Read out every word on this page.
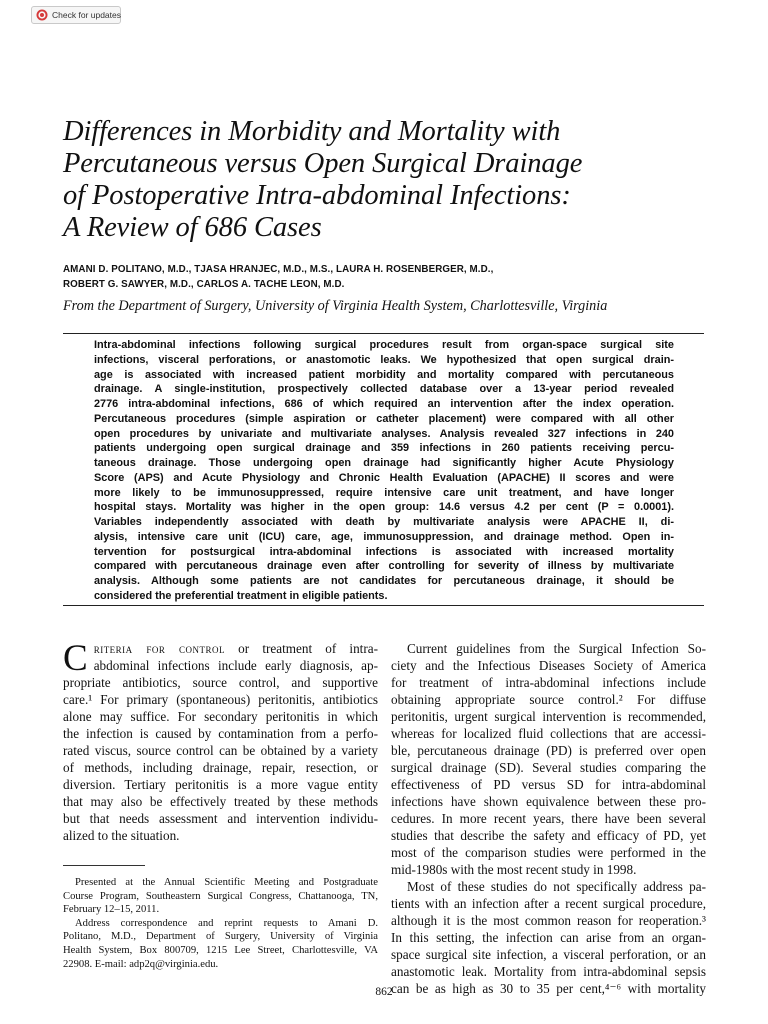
Check for updates
Differences in Morbidity and Mortality with
Percutaneous versus Open Surgical Drainage
of Postoperative Intra-abdominal Infections:
A Review of 686 Cases
AMANI D. POLITANO, M.D., TJASA HRANJEC, M.D., M.S., LAURA H. ROSENBERGER, M.D.,
ROBERT G. SAWYER, M.D., CARLOS A. TACHE LEON, M.D.
From the Department of Surgery, University of Virginia Health System, Charlottesville, Virginia
Intra-abdominal infections following surgical procedures result from organ-space surgical site
infections, visceral perforations, or anastomotic leaks. We hypothesized that open surgical drain-
age is associated with increased patient morbidity and mortality compared with percutaneous
drainage. A single-institution, prospectively collected database over a 13-year period revealed
2776 intra-abdominal infections, 686 of which required an intervention after the index operation.
Percutaneous procedures (simple aspiration or catheter placement) were compared with all other
open procedures by univariate and multivariate analyses. Analysis revealed 327 infections in 240
patients undergoing open surgical drainage and 359 infections in 260 patients receiving percu-
taneous drainage. Those undergoing open drainage had significantly higher Acute Physiology
Score (APS) and Acute Physiology and Chronic Health Evaluation (APACHE) II scores and were
more likely to be immunosuppressed, require intensive care unit treatment, and have longer
hospital stays. Mortality was higher in the open group: 14.6 versus 4.2 per cent (P = 0.0001).
Variables independently associated with death by multivariate analysis were APACHE II, di-
alysis, intensive care unit (ICU) care, age, immunosuppression, and drainage method. Open in-
tervention for postsurgical intra-abdominal infections is associated with increased mortality
compared with percutaneous drainage even after controlling for severity of illness by multivariate
analysis. Although some patients are not candidates for percutaneous drainage, it should be
considered the preferential treatment in eligible patients.
C riteria for control or treatment of intra-
abdominal infections include early diagnosis, ap-
propriate antibiotics, source control, and supportive
care.¹ For primary (spontaneous) peritonitis, antibiotics
alone may suffice. For secondary peritonitis in which
the infection is caused by contamination from a perfo-
rated viscus, source control can be obtained by a variety
of methods, including drainage, repair, resection, or
diversion. Tertiary peritonitis is a more vague entity
that may also be effectively treated by these methods
but that needs assessment and intervention individu-
alized to the situation.
Presented at the Annual Scientific Meeting and Postgraduate
Course Program, Southeastern Surgical Congress, Chattanooga, TN,
February 12–15, 2011.
Address correspondence and reprint requests to Amani D.
Politano, M.D., Department of Surgery, University of Virginia
Health System, Box 800709, 1215 Lee Street, Charlottesville, VA
22908. E-mail: adp2q@virginia.edu.
Current guidelines from the Surgical Infection So-
ciety and the Infectious Diseases Society of America
for treatment of intra-abdominal infections include
obtaining appropriate source control.² For diffuse
peritonitis, urgent surgical intervention is recommended,
whereas for localized fluid collections that are accessi-
ble, percutaneous drainage (PD) is preferred over open
surgical drainage (SD). Several studies comparing the
effectiveness of PD versus SD for intra-abdominal
infections have shown equivalence between these pro-
cedures. In more recent years, there have been several
studies that describe the safety and efficacy of PD, yet
most of the comparison studies were performed in the
mid-1980s with the most recent study in 1998.
Most of these studies do not specifically address pa-
tients with an infection after a recent surgical procedure,
although it is the most common reason for reoperation.³
In this setting, the infection can arise from an organ-
space surgical site infection, a visceral perforation, or an
anastomotic leak. Mortality from intra-abdominal sepsis
can be as high as 30 to 35 per cent,⁴⁻⁶ with mortality
862
